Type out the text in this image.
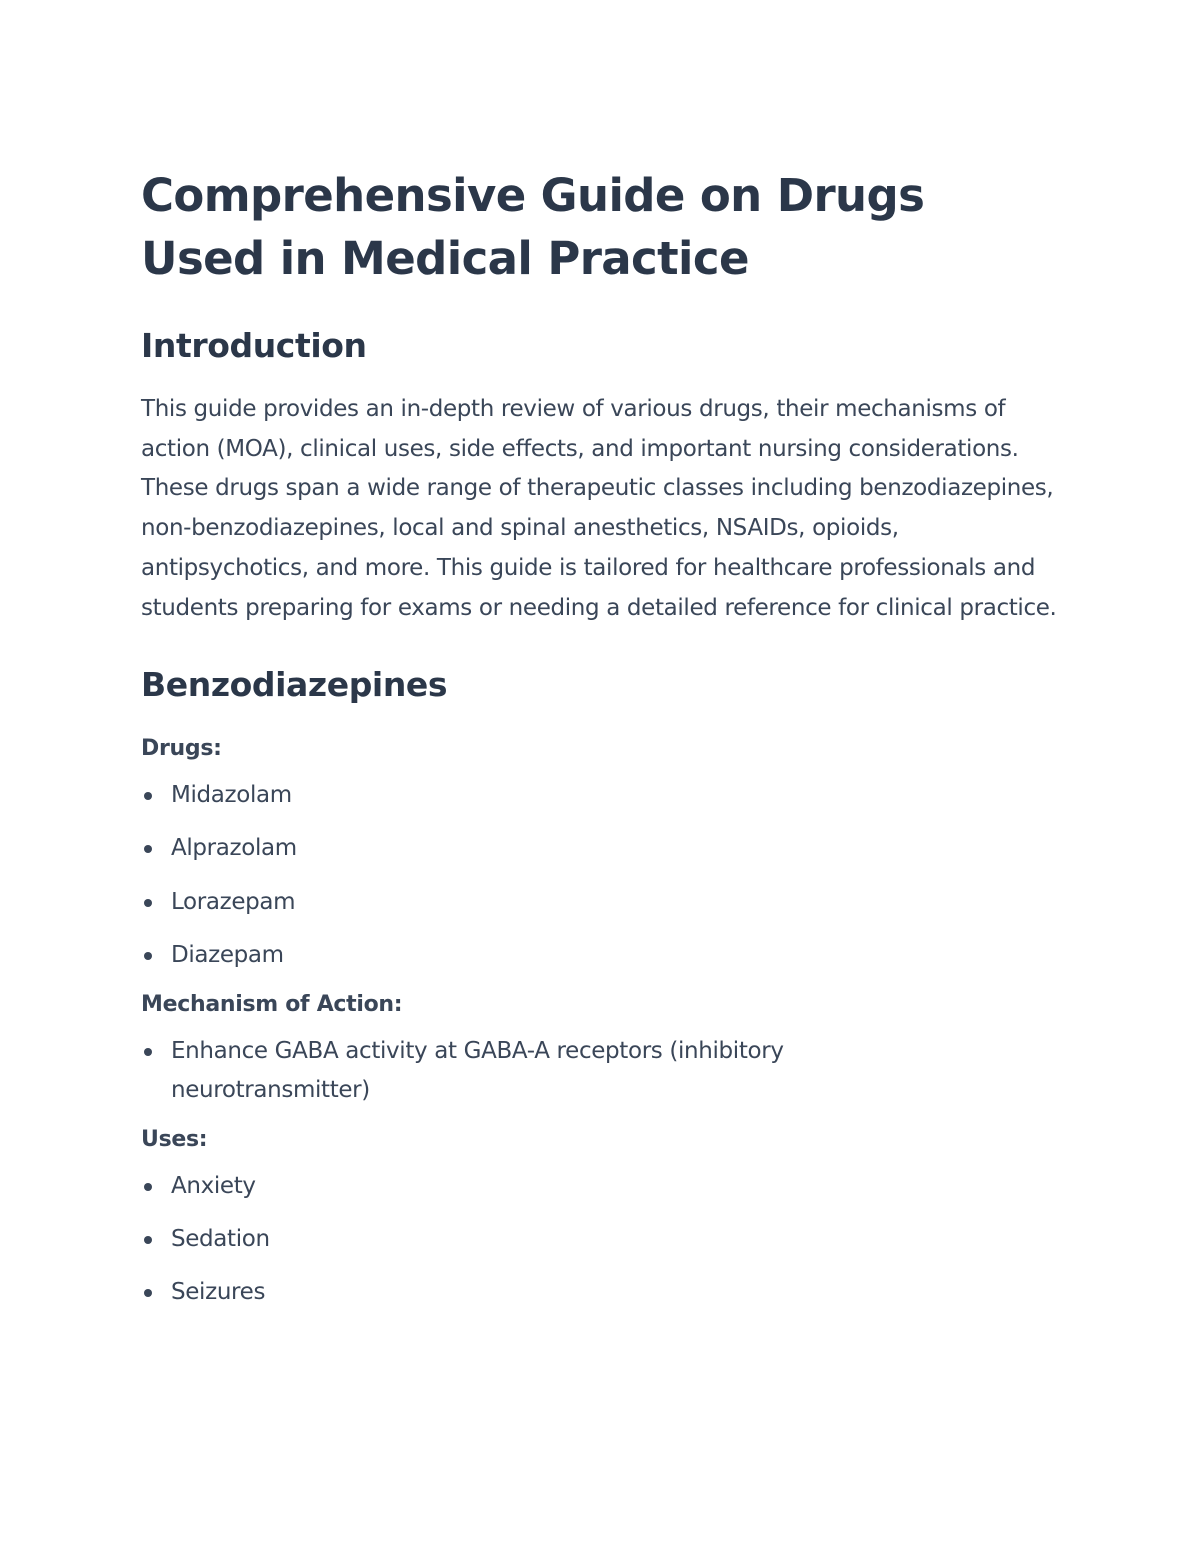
Comprehensive Guide on Drugs Used in Medical Practice
Introduction

This guide provides an in-depth review of various drugs, their mechanisms of action (MOA), clinical uses, side effects, and important nursing considerations. These drugs span a wide range of therapeutic classes including benzodiazepines, non-benzodiazepines, local and spinal anesthetics, NSAIDs, opioids, antipsychotics, and more. This guide is tailored for healthcare professionals and students preparing for exams or needing a detailed reference for clinical practice.

Benzodiazepines

Drugs:

Midazolam
Alprazolam
Lorazepam
Diazepam

Mechanism of Action:

Enhance GABA activity at GABA-A receptors (inhibitory neurotransmitter)

Uses:

Anxiety
Sedation
Seizures
